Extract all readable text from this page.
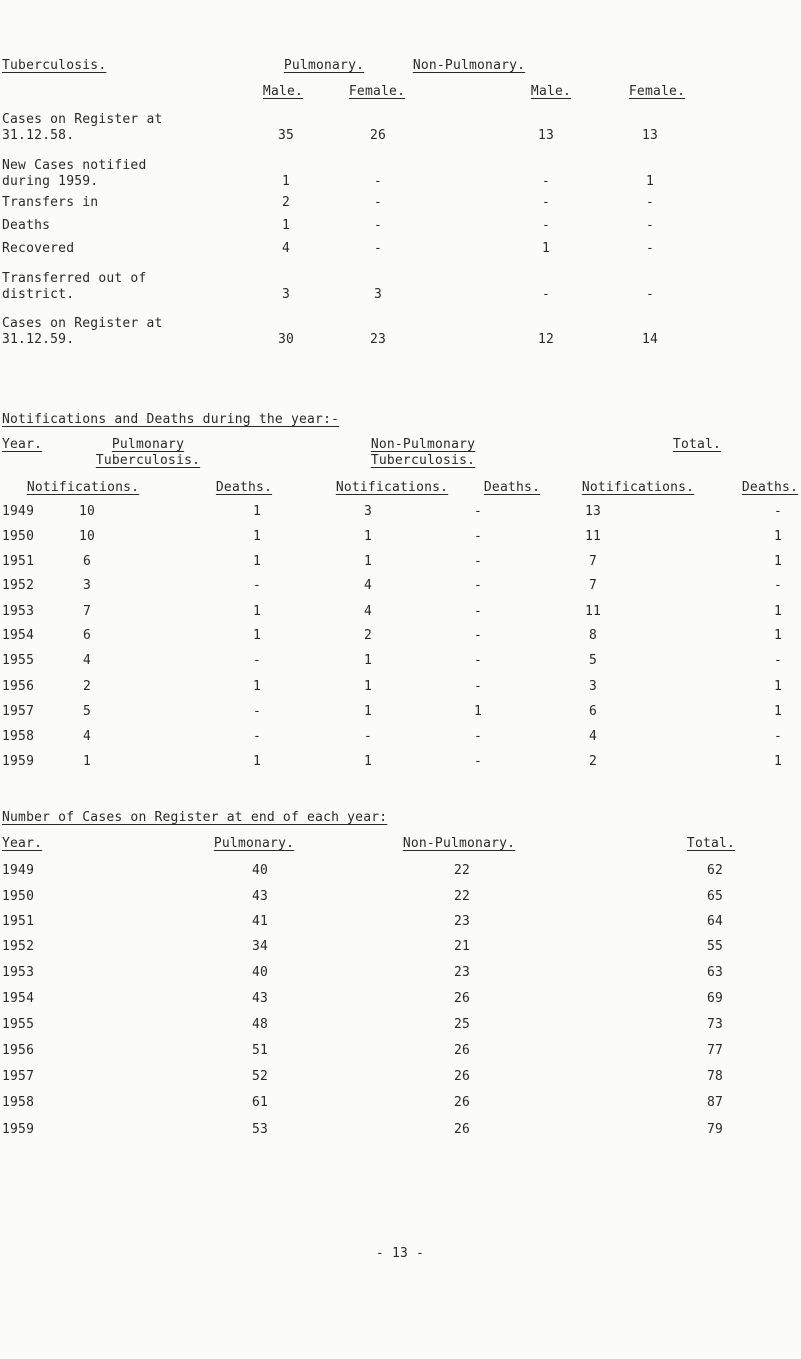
Tuberculosis.	Pulmonary.	Non-Pulmonary.
Male.	Female.	Male.	Female.
Cases on Register at
31.12.58.	35	26	13	13
New Cases notified
during 1959.	1	-	-	1
Transfers in	2	-	-	-
Deaths	1	-	-	-
Recovered	4	-	1	-
Transferred out of
district.	3	3	-	-
Cases on Register at
31.12.59.	30	23	12	14
Notifications and Deaths during the year:-
Year.	Pulmonary
Tuberculosis.
Non-Pulmonary
Tuberculosis.
Total.
Notifications.	Deaths.	Notifications.	Deaths.	Notifications.	Deaths.
1949	10	1	3	-	13	-
1950	10	1	1	-	11	1
1951	6	1	1	-	7	1
1952	3	-	4	-	7	-
1953	7	1	4	-	11	1
1954	6	1	2	-	8	1
1955	4	-	1	-	5	-
1956	2	1	1	-	3	1
1957	5	-	1	1	6	1
1958	4	-	-	-	4	-
1959	1	1	1	-	2	1
Number of Cases on Register at end of each year:
Year.	Pulmonary.	Non-Pulmonary.	Total.
1949	40	22	62
1950	43	22	65
1951	41	23	64
1952	34	21	55
1953	40	23	63
1954	43	26	69
1955	48	25	73
1956	51	26	77
1957	52	26	78
1958	61	26	87
1959	53	26	79
- 13 -
